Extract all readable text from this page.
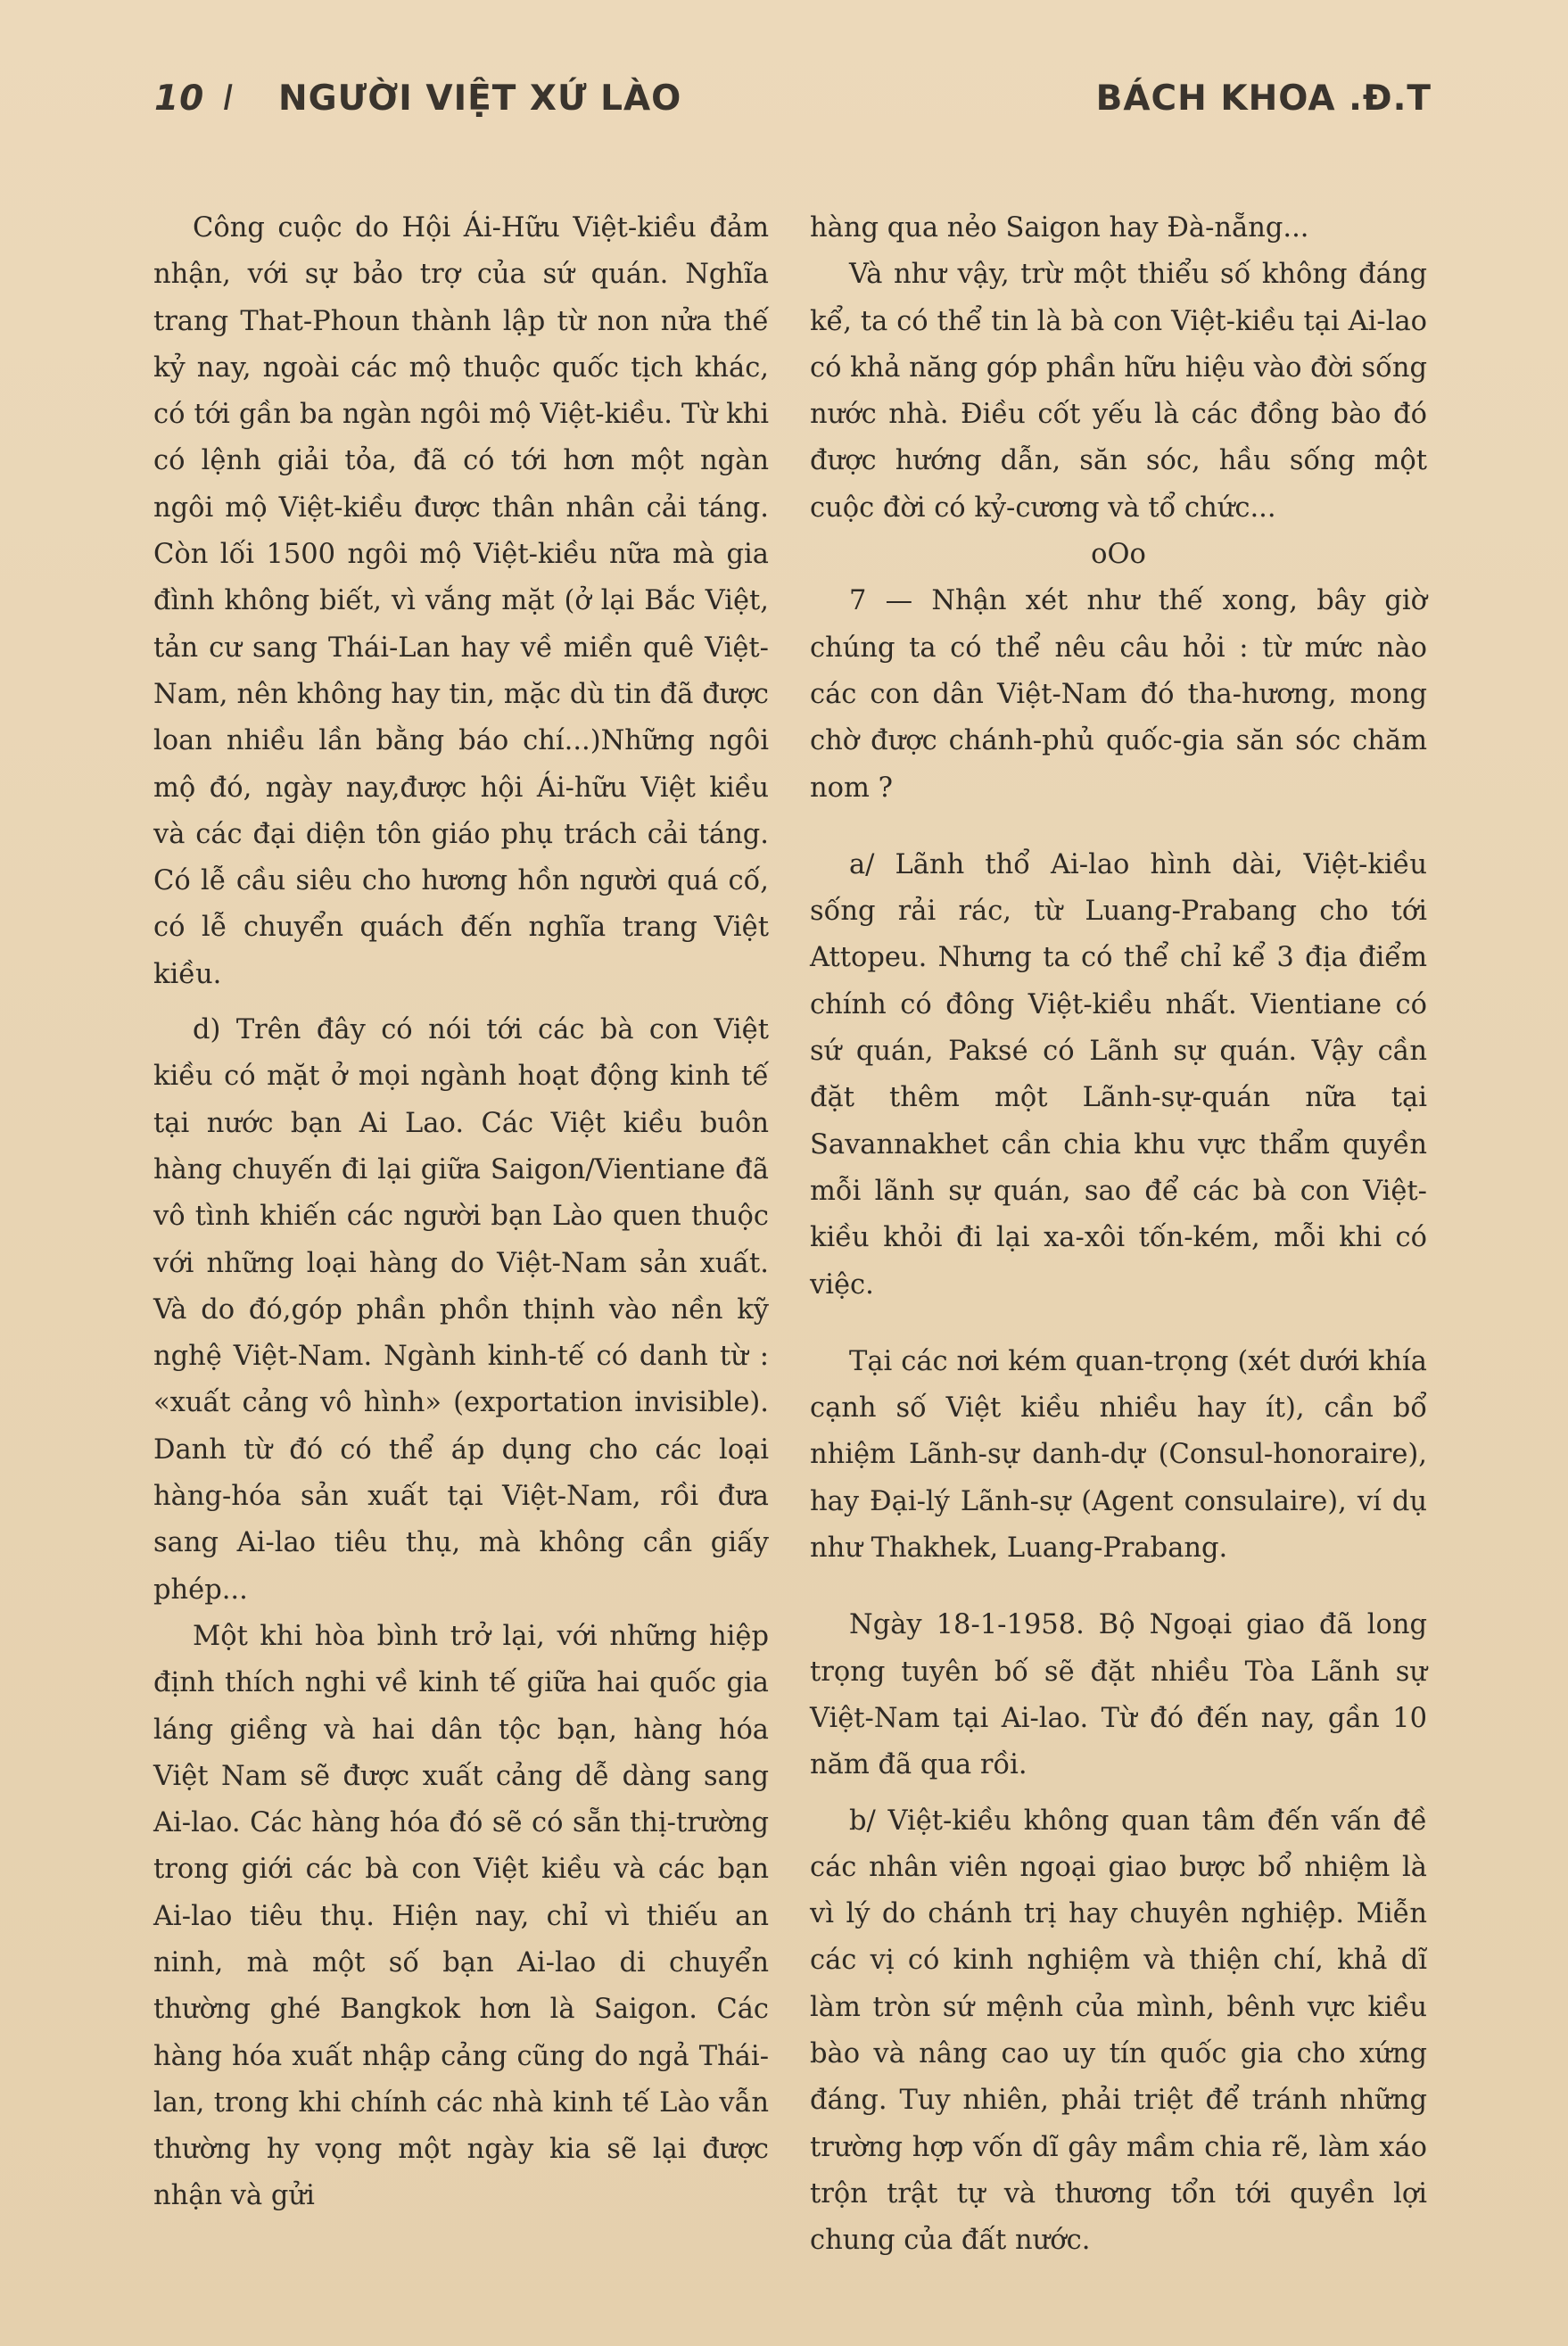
10 I NGƯỜI VIỆT XỨ LÀO	BÁCH KHOA .Đ.T

Công cuộc do Hội Ái-Hữu Việt-kiều đảm nhận, với sự bảo trợ của sứ quán. Nghĩa trang That-Phoun thành lập từ non nửa thế kỷ nay, ngoài các mộ thuộc quốc tịch khác, có tới gần ba ngàn ngôi mộ Việt-kiều. Từ khi có lệnh giải tỏa, đã có tới hơn một ngàn ngôi mộ Việt-kiều được thân nhân cải táng. Còn lối 1500 ngôi mộ Việt-kiều nữa mà gia đình không biết, vì vắng mặt (ở lại Bắc Việt, tản cư sang Thái-Lan hay về miền quê Việt-Nam, nên không hay tin, mặc dù tin đã được loan nhiều lần bằng báo chí...)Những ngôi mộ đó, ngày nay,được hội Ái-hữu Việt kiều và các đại diện tôn giáo phụ trách cải táng. Có lễ cầu siêu cho hương hồn người quá cố, có lễ chuyển quách đến nghĩa trang Việt kiều.

d) Trên đây có nói tới các bà con Việt kiều có mặt ở mọi ngành hoạt động kinh tế tại nước bạn Ai Lao. Các Việt kiều buôn hàng chuyến đi lại giữa Saigon/Vientiane đã vô tình khiến các người bạn Lào quen thuộc với những loại hàng do Việt-Nam sản xuất. Và do đó,góp phần phồn thịnh vào nền kỹ nghệ Việt-Nam. Ngành kinh-tế có danh từ : «xuất cảng vô hình» (exportation invisible). Danh từ đó có thể áp dụng cho các loại hàng-hóa sản xuất tại Việt-Nam, rồi đưa sang Ai-lao tiêu thụ, mà không cần giấy phép...

Một khi hòa bình trở lại, với những hiệp định thích nghi về kinh tế giữa hai quốc gia láng giềng và hai dân tộc bạn, hàng hóa Việt Nam sẽ được xuất cảng dễ dàng sang Ai-lao. Các hàng hóa đó sẽ có sẵn thị-trường trong giới các bà con Việt kiều và các bạn Ai-lao tiêu thụ. Hiện nay, chỉ vì thiếu an ninh, mà một số bạn Ai-lao di chuyển thường ghé Bangkok hơn là Saigon. Các hàng hóa xuất nhập cảng cũng do ngả Thái-lan, trong khi chính các nhà kinh tế Lào vẫn thường hy vọng một ngày kia sẽ lại được nhận và gửi

hàng qua nẻo Saigon hay Đà-nẵng...

Và như vậy, trừ một thiểu số không đáng kể, ta có thể tin là bà con Việt-kiều tại Ai-lao có khả năng góp phần hữu hiệu vào đời sống nước nhà. Điều cốt yếu là các đồng bào đó được hướng dẫn, săn sóc, hầu sống một cuộc đời có kỷ-cương và tổ chức...

oOo

7 — Nhận xét như thế xong, bây giờ chúng ta có thể nêu câu hỏi : từ mức nào các con dân Việt-Nam đó tha-hương, mong chờ được chánh-phủ quốc-gia săn sóc chăm nom ?

a/ Lãnh thổ Ai-lao hình dài, Việt-kiều sống rải rác, từ Luang-Prabang cho tới Attopeu. Nhưng ta có thể chỉ kể 3 địa điểm chính có đông Việt-kiều nhất. Vientiane có sứ quán, Paksé có Lãnh sự quán. Vậy cần đặt thêm một Lãnh-sự-quán nữa tại Savannakhet cần chia khu vực thẩm quyền mỗi lãnh sự quán, sao để các bà con Việt-kiều khỏi đi lại xa-xôi tốn-kém, mỗi khi có việc.

Tại các nơi kém quan-trọng (xét dưới khía cạnh số Việt kiều nhiều hay ít), cần bổ nhiệm Lãnh-sự danh-dự (Consul-honoraire), hay Đại-lý Lãnh-sự (Agent consulaire), ví dụ như Thakhek, Luang-Prabang.

Ngày 18-1-1958. Bộ Ngoại giao đã long trọng tuyên bố sẽ đặt nhiều Tòa Lãnh sự Việt-Nam tại Ai-lao. Từ đó đến nay, gần 10 năm đã qua rồi.

b/ Việt-kiều không quan tâm đến vấn đề các nhân viên ngoại giao bược bổ nhiệm là vì lý do chánh trị hay chuyên nghiệp. Miễn các vị có kinh nghiệm và thiện chí, khả dĩ làm tròn sứ mệnh của mình, bênh vực kiều bào và nâng cao uy tín quốc gia cho xứng đáng. Tuy nhiên, phải triệt để tránh những trường hợp vốn dĩ gây mầm chia rẽ, làm xáo trộn trật tự và thương tổn tới quyền lợi chung của đất nước.
